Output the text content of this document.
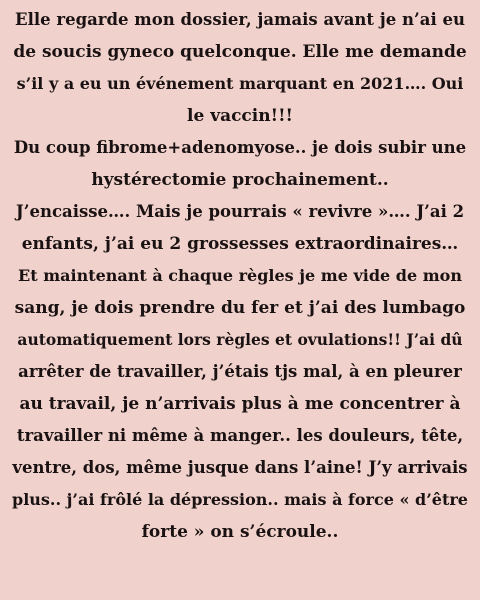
Elle regarde mon dossier, jamais avant je n’ai eu
de soucis gyneco quelconque. Elle me demande
s’il y a eu un événement marquant en 2021…. Oui
le vaccin!!!
Du coup fibrome+adenomyose.. je dois subir une
hystérectomie prochainement..
J’encaisse…. Mais je pourrais « revivre »…. J’ai 2
enfants, j’ai eu 2 grossesses extraordinaires…
Et maintenant à chaque règles je me vide de mon
sang, je dois prendre du fer et j’ai des lumbago
automatiquement lors règles et ovulations!! J’ai dû
arrêter de travailler, j’étais tjs mal, à en pleurer
au travail, je n’arrivais plus à me concentrer à
travailler ni même à manger.. les douleurs, tête,
ventre, dos, même jusque dans l’aine! J’y arrivais
plus.. j’ai frôlé la dépression.. mais à force « d’être
forte » on s’écroule..
